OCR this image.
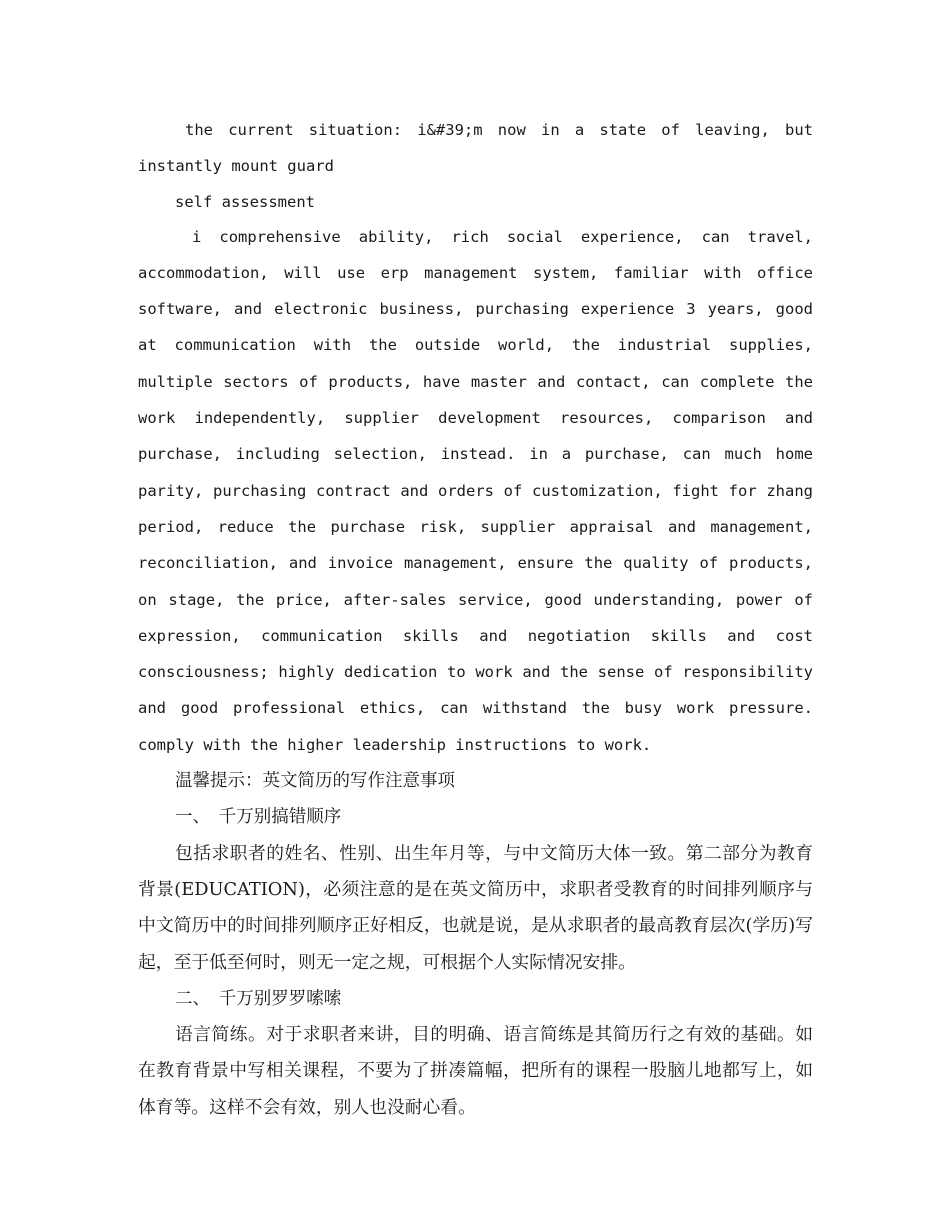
the current situation: i&#39;m now in a state of leaving, but instantly mount guard

self assessment

i comprehensive ability, rich social experience, can travel, accommodation, will use erp management system, familiar with office software, and electronic business, purchasing experience 3 years, good at communication with the outside world, the industrial supplies, multiple sectors of products, have master and contact, can complete the work independently, supplier development resources, comparison and purchase, including selection, instead. in a purchase, can much home parity, purchasing contract and orders of customization, fight for zhang period, reduce the purchase risk, supplier appraisal and management, reconciliation, and invoice management, ensure the quality of products, on stage, the price, after-sales service, good understanding, power of expression, communication skills and negotiation skills and cost consciousness; highly dedication to work and the sense of responsibility and good professional ethics, can withstand the busy work pressure. comply with the higher leadership instructions to work.

温馨提示：英文简历的写作注意事项

一、　千万别搞错顺序

包括求职者的姓名、性别、出生年月等，与中文简历大体一致。第二部分为教育背景(EDUCATION)，必须注意的是在英文简历中，求职者受教育的时间排列顺序与中文简历中的时间排列顺序正好相反，也就是说，是从求职者的最高教育层次(学历)写起，至于低至何时，则无一定之规，可根据个人实际情况安排。

二、　千万别罗罗嗦嗦

语言简练。对于求职者来讲，目的明确、语言简练是其简历行之有效的基础。如在教育背景中写相关课程，不要为了拼凑篇幅，把所有的课程一股脑儿地都写上，如体育等。这样不会有效，别人也没耐心看。
